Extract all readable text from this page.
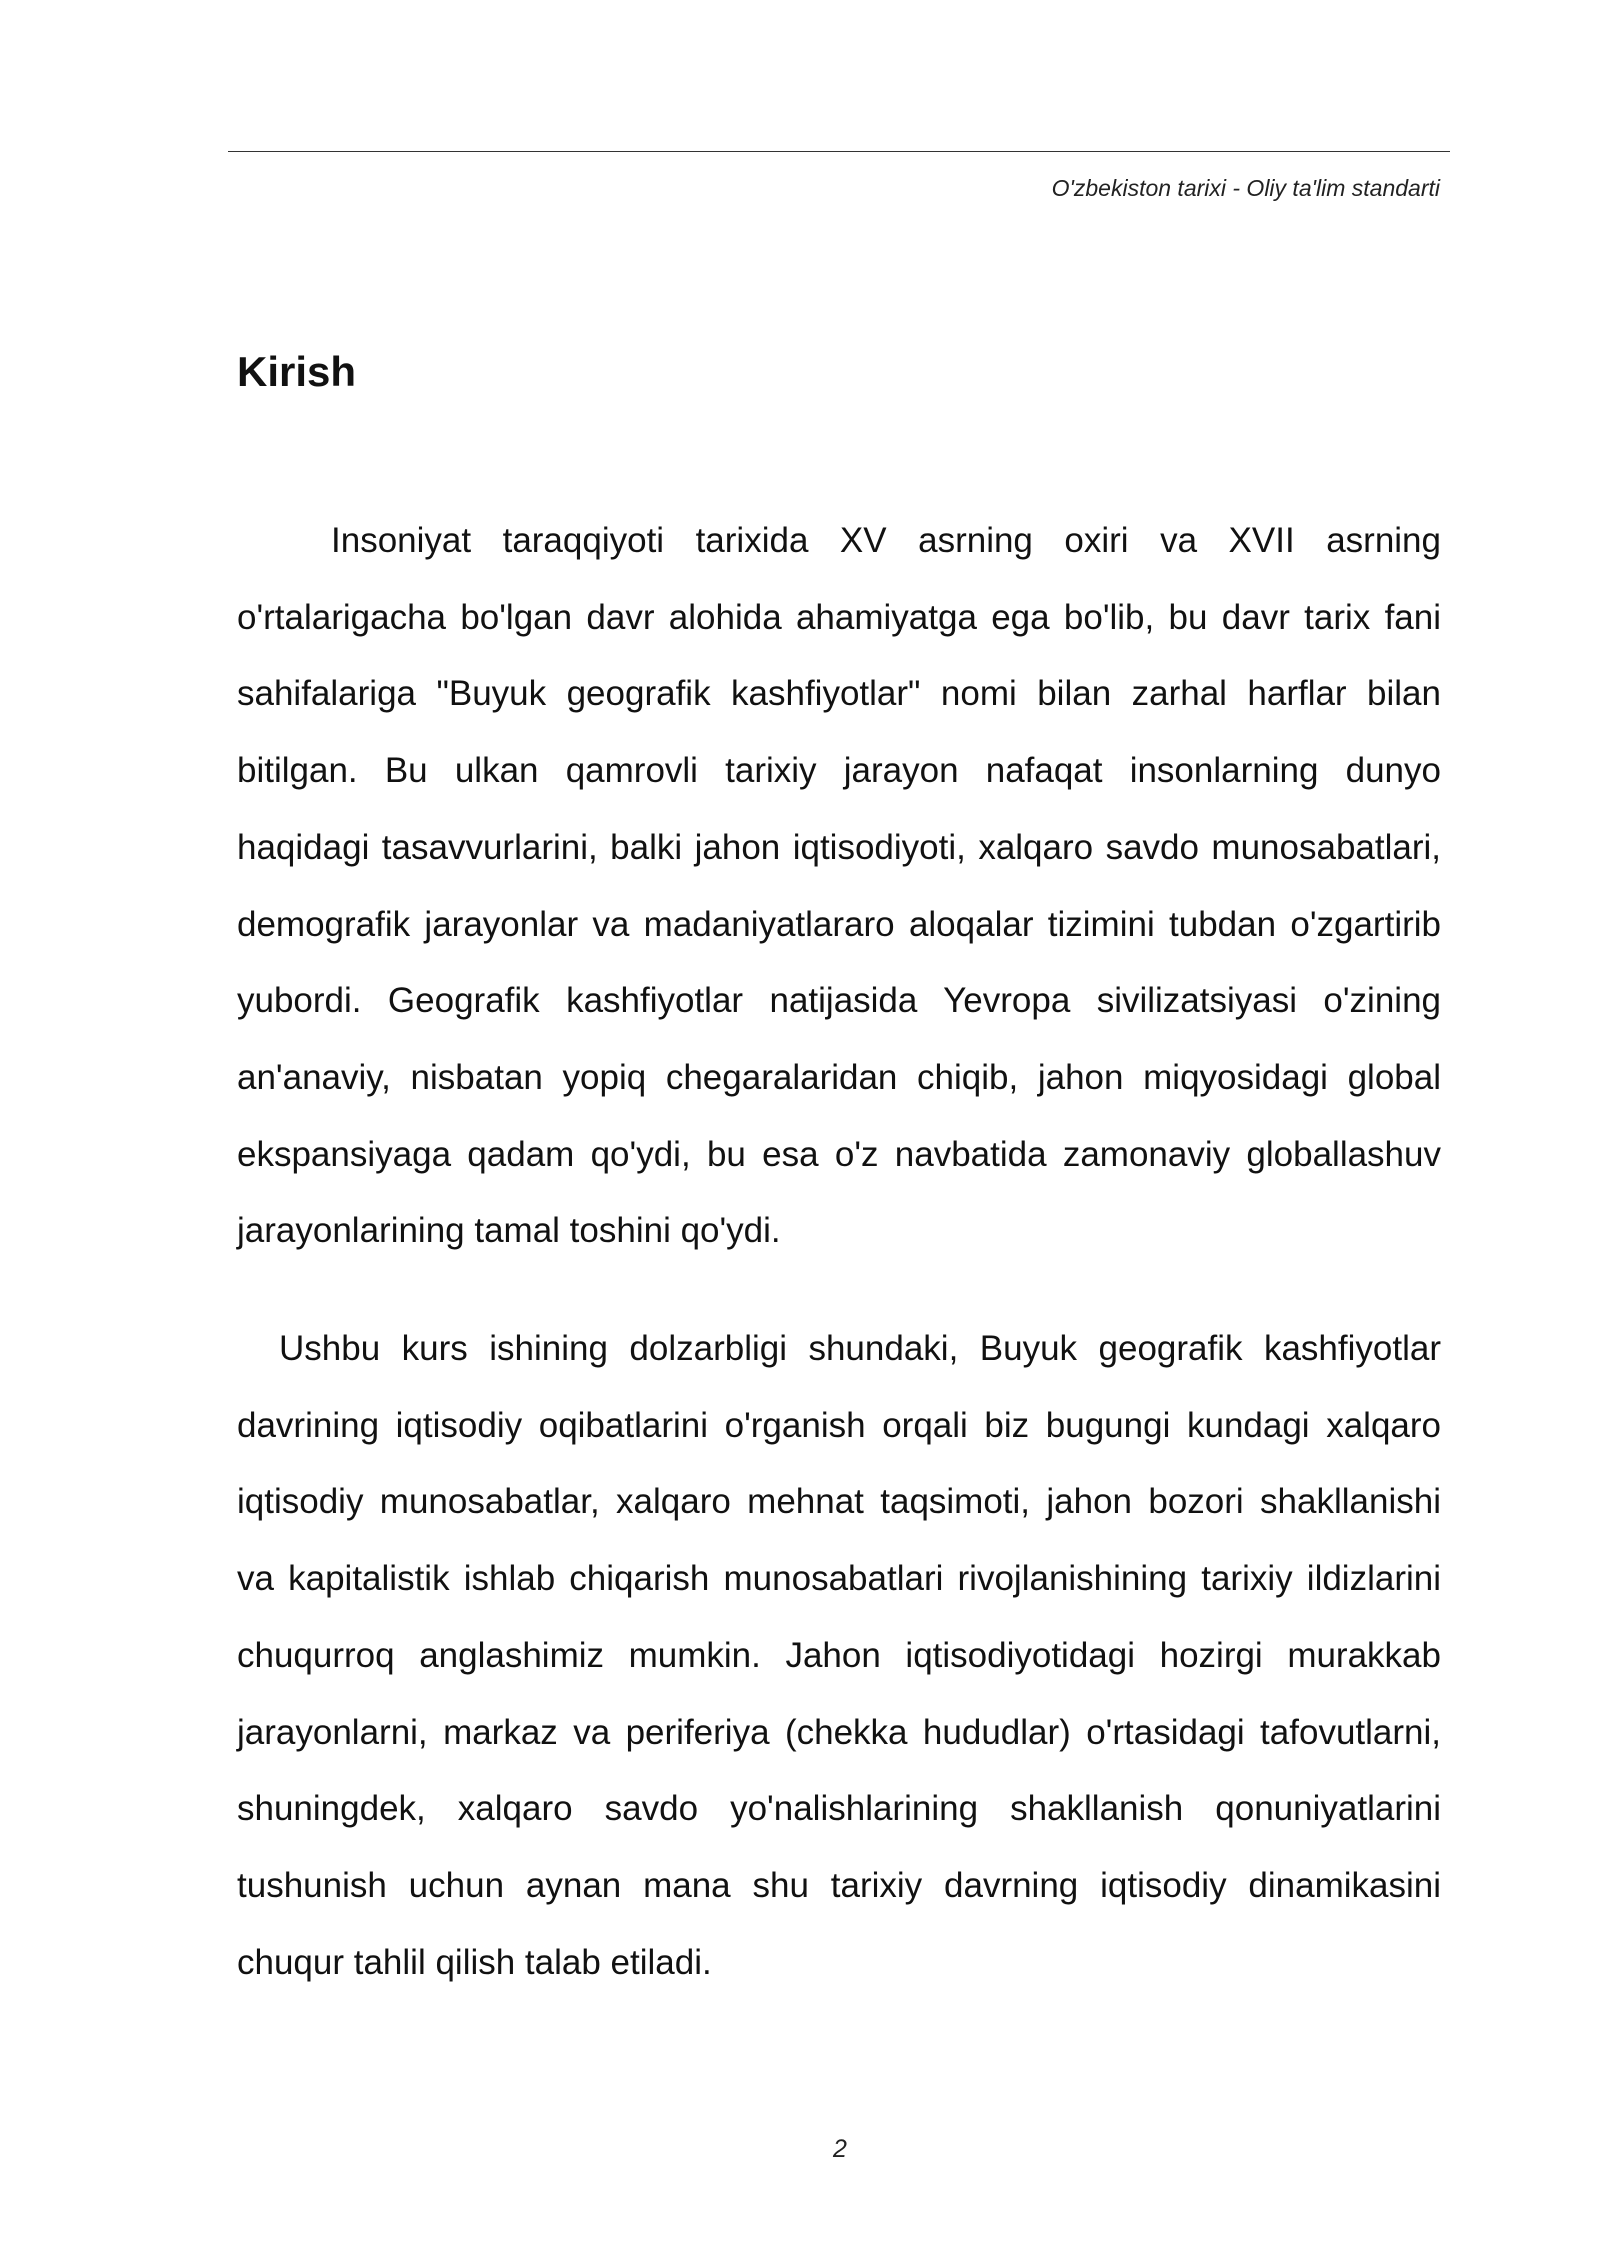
O'zbekiston tarixi - Oliy ta'lim standarti
Kirish

Insoniyat taraqqiyoti tarixida XV asrning oxiri va XVII asrning o'rtalarigacha bo'lgan davr alohida ahamiyatga ega bo'lib, bu davr tarix fani sahifalariga "Buyuk geografik kashfiyotlar" nomi bilan zarhal harflar bilan bitilgan. Bu ulkan qamrovli tarixiy jarayon nafaqat insonlarning dunyo haqidagi tasavvurlarini, balki jahon iqtisodiyoti, xalqaro savdo munosabatlari, demografik jarayonlar va madaniyatlararo aloqalar tizimini tubdan o'zgartirib yubordi. Geografik kashfiyotlar natijasida Yevropa sivilizatsiyasi o'zining an'anaviy, nisbatan yopiq chegaralaridan chiqib, jahon miqyosidagi global ekspansiyaga qadam qo'ydi, bu esa o'z navbatida zamonaviy globallashuv jarayonlarining tamal toshini qo'ydi.

Ushbu kurs ishining dolzarbligi shundaki, Buyuk geografik kashfiyotlar davrining iqtisodiy oqibatlarini o'rganish orqali biz bugungi kundagi xalqaro iqtisodiy munosabatlar, xalqaro mehnat taqsimoti, jahon bozori shakllanishi va kapitalistik ishlab chiqarish munosabatlari rivojlanishining tarixiy ildizlarini chuqurroq anglashimiz mumkin. Jahon iqtisodiyotidagi hozirgi murakkab jarayonlarni, markaz va periferiya (chekka hududlar) o'rtasidagi tafovutlarni, shuningdek, xalqaro savdo yo'nalishlarining shakllanish qonuniyatlarini tushunish uchun aynan mana shu tarixiy davrning iqtisodiy dinamikasini chuqur tahlil qilish talab etiladi.

2
